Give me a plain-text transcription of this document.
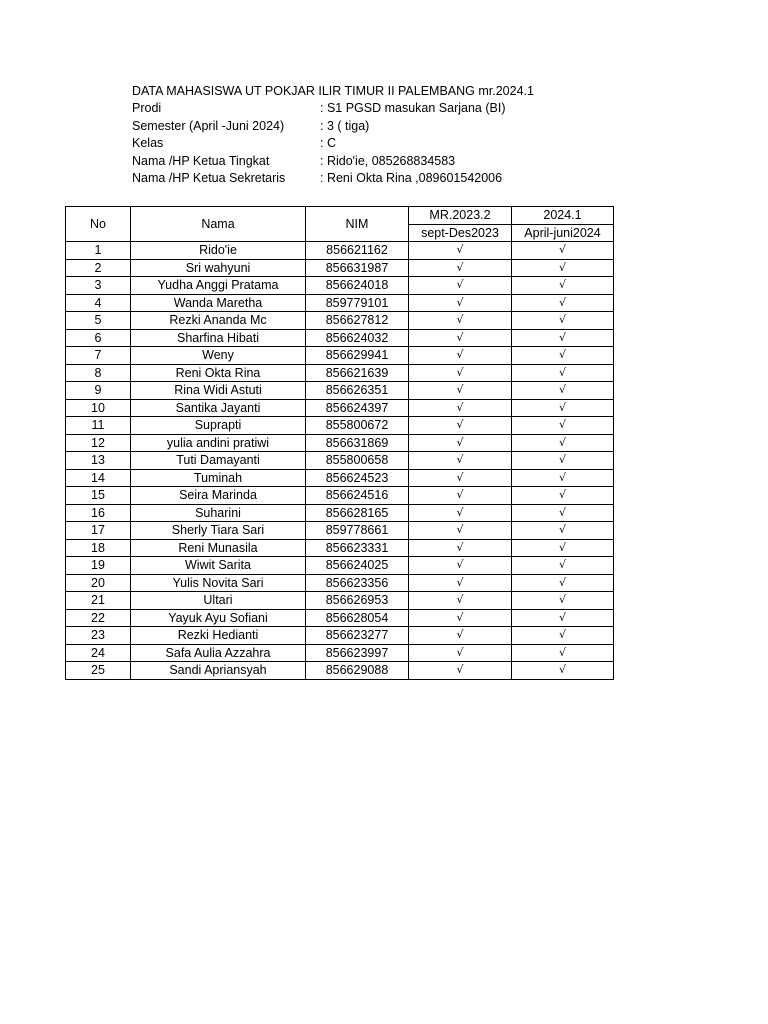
DATA MAHASISWA UT POKJAR ILIR TIMUR II PALEMBANG mr.2024.1
Prodi	: S1 PGSD masukan Sarjana (BI)
Semester (April -Juni 2024)	: 3 ( tiga)
Kelas	: C
Nama /HP Ketua Tingkat	: Rido'ie, 085268834583
Nama /HP Ketua Sekretaris	: Reni Okta Rina ,089601542006
No	Nama	NIM	MR.2023.2	2024.1
			sept-Des2023	April-juni2024
1	Rido'ie	856621162	√	√
2	Sri wahyuni	856631987	√	√
3	Yudha Anggi Pratama	856624018	√	√
4	Wanda Maretha	859779101	√	√
5	Rezki Ananda Mc	856627812	√	√
6	Sharfina Hibati	856624032	√	√
7	Weny	856629941	√	√
8	Reni Okta Rina	856621639	√	√
9	Rina Widi Astuti	856626351	√	√
10	Santika Jayanti	856624397	√	√
11	Suprapti	855800672	√	√
12	yulia andini pratiwi	856631869	√	√
13	Tuti Damayanti	855800658	√	√
14	Tuminah	856624523	√	√
15	Seira Marinda	856624516	√	√
16	Suharini	856628165	√	√
17	Sherly Tiara Sari	859778661	√	√
18	Reni Munasila	856623331	√	√
19	Wiwit Sarita	856624025	√	√
20	Yulis Novita Sari	856623356	√	√
21	Ultari	856626953	√	√
22	Yayuk Ayu Sofiani	856628054	√	√
23	Rezki Hedianti	856623277	√	√
24	Safa Aulia Azzahra	856623997	√	√
25	Sandi Apriansyah	856629088	√	√
